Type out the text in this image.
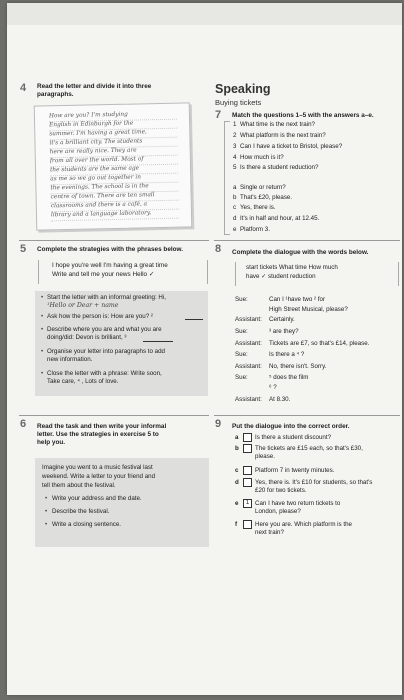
4 Read the letter and divide it into three
paragraphs.
How are you? I'm studying
English in Edinburgh for the
summer. I'm having a great time,
it's a brilliant city. The students
here are really nice. They are
from all over the world. Most of
the students are the same age
as me so we go out together in
the evenings. The school is in the
centre of town. There are ten small
classrooms and there is a café, a
library and a language laboratory.
Speaking
Buying tickets
7 Match the questions 1–5 with the answers a–e.
1 What time is the next train?
2 What platform is the next train?
3 Can I have a ticket to Bristol, please?
4 How much is it?
5 Is there a student reduction?
a Single or return?
b That's £20, please.
c Yes, there is.
d It's in half and hour, at 12.45.
e Platform 3.
5 Complete the strategies with the phrases below.
I hope you're well I'm having a great time
Write and tell me your news Hello ✓
• Start the letter with an informal greeting: Hi,
¹Hello or Dear + name
• Ask how the person is: How are you? ²
• Describe where you are and what you are
doing/did: Devon is brilliant, ³
• Organise your letter into paragraphs to add
new information.
• Close the letter with a phrase: Write soon,
Take care, ⁴ , Lots of love.
8 Complete the dialogue with the words below.
start tickets What time How much
have ✓ student reduction
Sue:	Can I ¹have two ² for
High Street Musical, please?
Assistant: Certainly.
Sue:	³ are they?
Assistant: Tickets are £7, so that's £14, please.
Sue:	Is there a ⁴ ?
Assistant: No, there isn't. Sorry.
Sue:	⁵ does the film
⁶ ?
Assistant: At 8.30.
6 Read the task and then write your informal
letter. Use the strategies in exercise 5 to
help you.
Imagine you went to a music festival last
weekend. Write a letter to your friend and
tell them about the festival.
• Write your address and the date.
• Describe the festival.
• Write a closing sentence.
9 Put the dialogue into the correct order.
a	Is there a student discount?
b	The tickets are £15 each, so that's £30,
please.
c	Platform 7 in twenty minutes.
d	Yes, there is. It's £10 for students, so that's
£20 for two tickets.
e	1 Can I have two return tickets to
London, please?
f	Here you are. Which platform is the
next train?
